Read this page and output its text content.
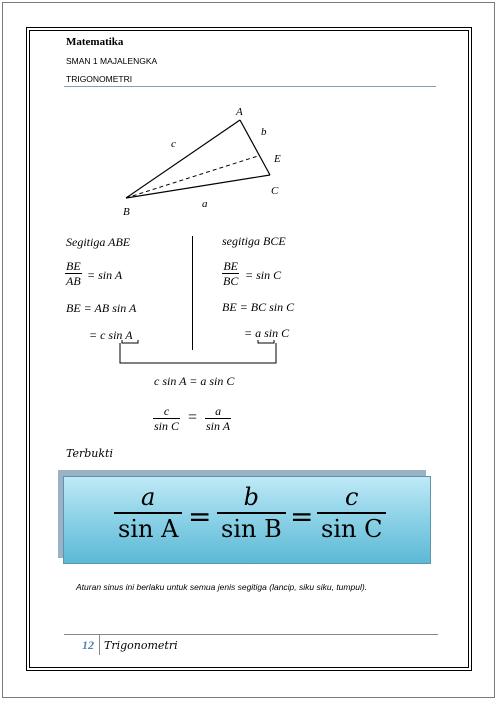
Matematika
SMAN 1 MAJALENGKA
TRIGONOMETRI
A
B
C
E
a
b
c
Segitiga ABE
$\frac{BE}{AB} = \sin A$
BE = AB sin A
= c sin A
segitiga BCE
$\frac{BE}{BC} = \sin C$
BE = BC sin C
= a sin C
c sin A = a sin C
$\frac{c}{\text{sin C}} = \frac{a}{\text{sin A}}$
Terbukti
$\frac{a}{\text{sin A}} = \frac{b}{\text{sin B}} = \frac{c}{\text{sin C}}$
Aturan sinus ini berlaku untuk semua jenis segitiga (lancip, siku siku, tumpul).
12 Trigonometri
